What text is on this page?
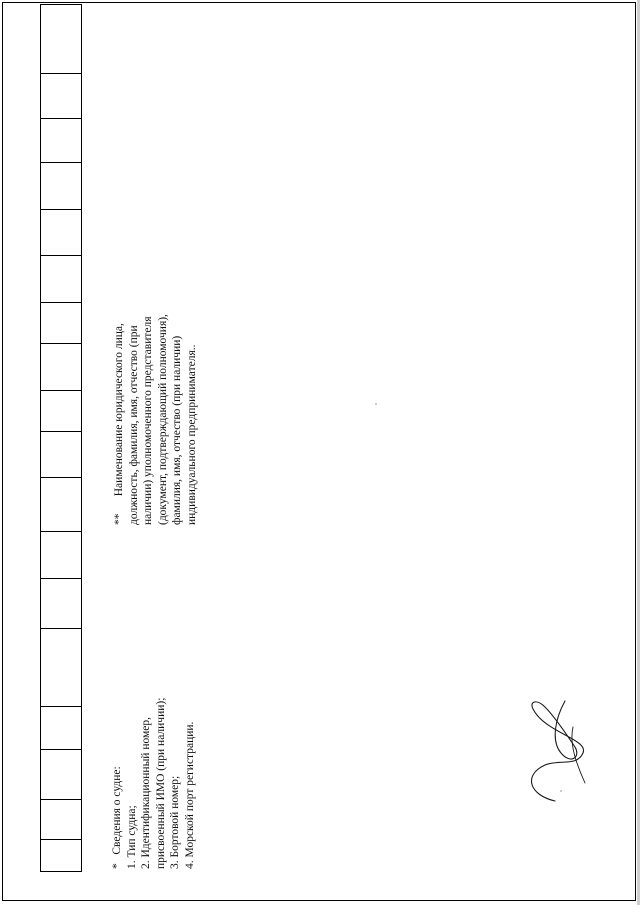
*   Сведения о судне: 1. Тип судна; 2. Идентификационный номер, присвоенный ИМО (при наличии); 3. Бортовой номер; 4. Морской порт регистрации.
**      Наименование юридического лица, должность, фамилия, имя, отчество (при наличии) уполномоченного представителя (документ, подтверждающий полномочия), фамилия, имя, отчество (при наличии) индивидуального предпринимателя..
